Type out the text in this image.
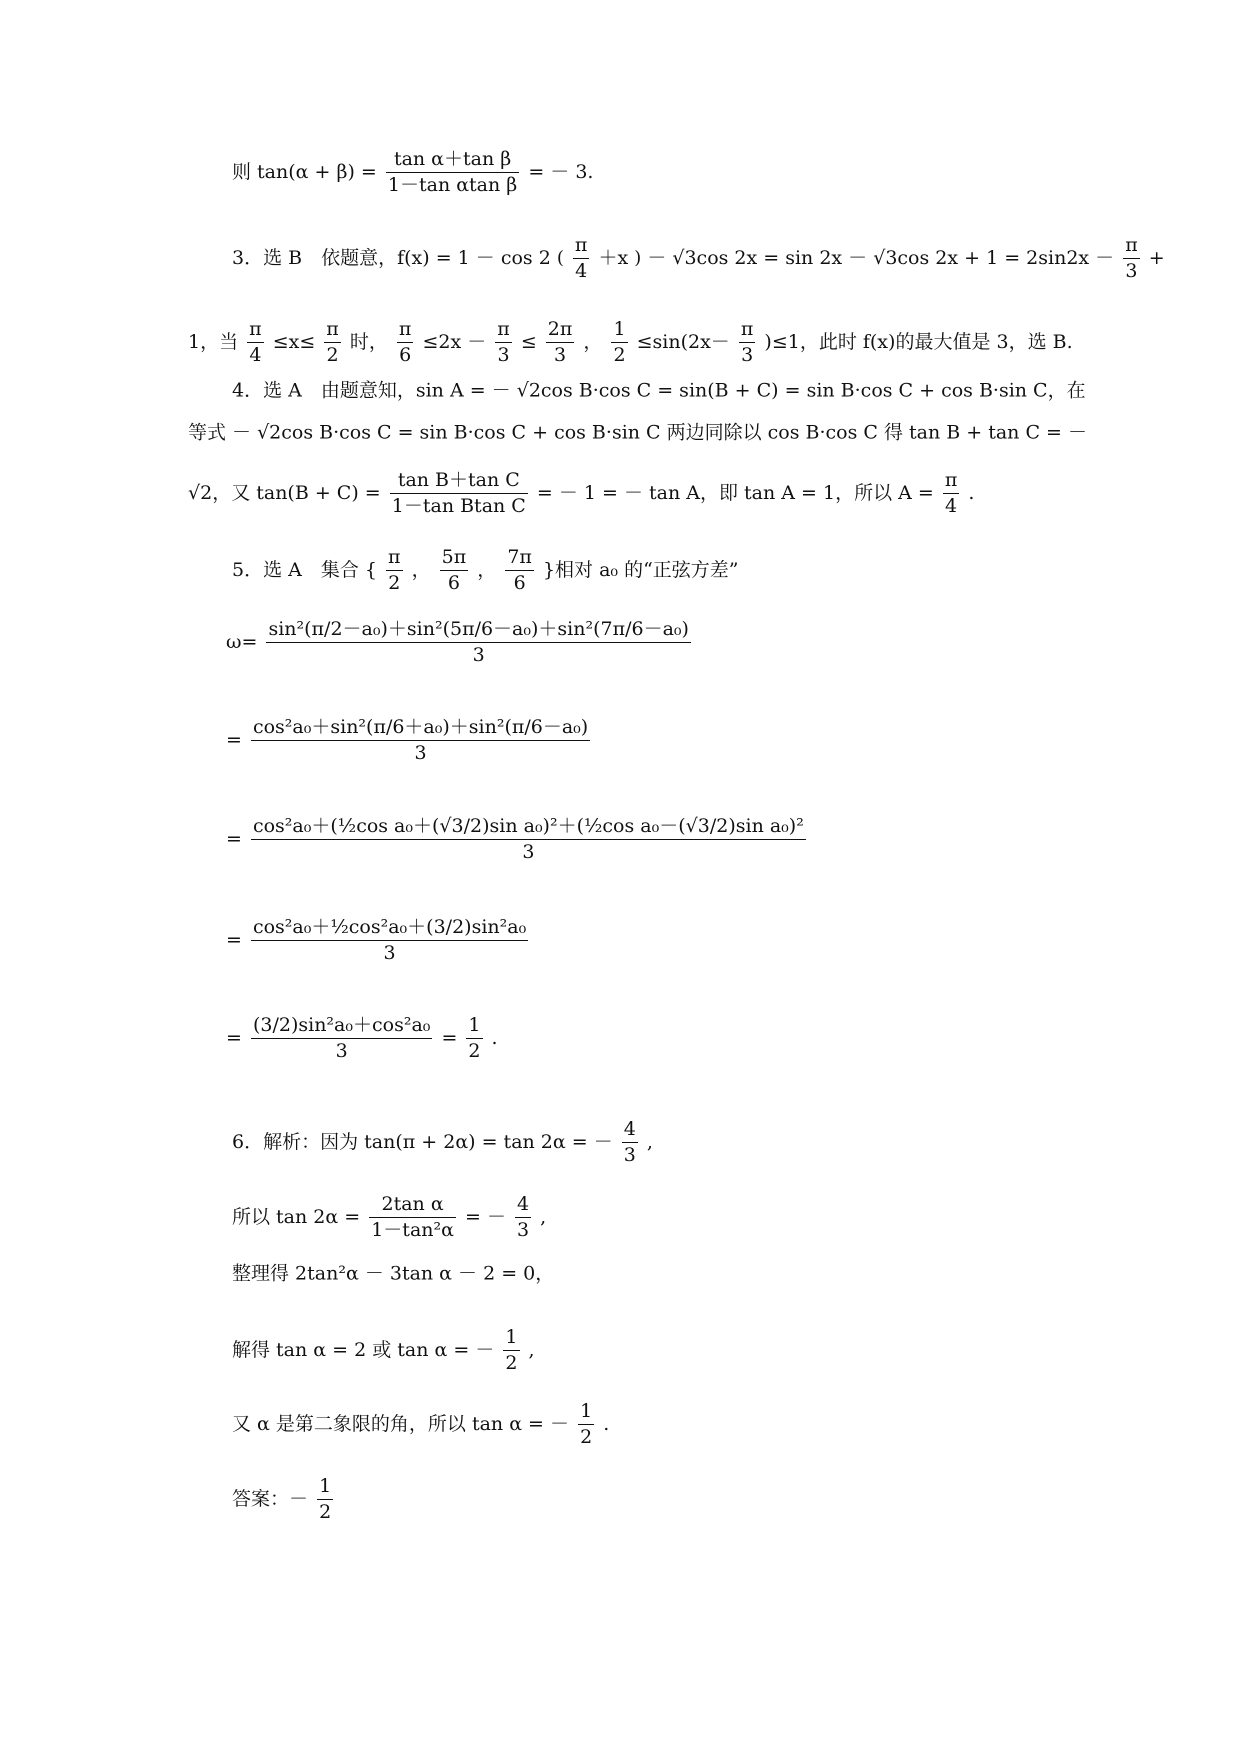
则 $\tan(\alpha + \beta) = \frac{\text{tan α＋tan β}}{\text{1－tan αtan β}}$ = － 3.
3．选 B　依题意，f(x) = 1 － cos 2 ( $\frac{\pi}{4} +x$ ) － √3cos 2x = sin 2x － √3cos $2x + 1 = 2\sin 2x - \frac{\pi}{3}$ +
1，当 $\frac{\pi}{4} \le x\le \frac{\pi}{2}$ 时， $\frac{\pi}{6} \le 2x - \frac{\pi}{3} \le \frac{2\pi}{3}$ ， $\frac{1}{2} \le\sin(2x- \frac{\pi}{3} )\le 1$，此时 f(x)的最大值是 3，选 B.
4．选 A　由题意知，sin A = － √2cos B·cos C = sin(B + C) = sin B·cos C + cos B·sin C，在
等式 － √2cos B·cos C = sin B·cos C + cos B·sin C 两边同除以 cos B·cos C 得 tan B + tan C = －
√2，又 $\tan(B + C) = \frac{\text{tan B＋tan C}}{\text{1－tan Btan C}}$ = － 1 = － tan A，即 tan A = 1，所以 $A = \frac{\pi}{4}$ .
5．选 A　集合 { $\frac{\pi}{2}$ ， $\frac{5\pi}{6}$ ， $\frac{7\pi}{6}$ }相对 a₀ 的“正弦方差”
$\omega= \frac{\text{sin²(π/2－a₀)＋sin²(5π/6－a₀)＋sin²(7π/6－a₀)}}{3}$
= $\frac{\text{cos²a₀＋sin²(π/6＋a₀)＋sin²(π/6－a₀)}}{3}$
= $\frac{\text{cos²a₀＋(½cos a₀＋(√3/2)sin a₀)²＋(½cos a₀－(√3/2)sin a₀)²}}{3}$
= $\frac{\text{cos²a₀＋½cos²a₀＋(3/2)sin²a₀}}{3}$
= $\frac{\text{(3/2)sin²a₀＋cos²a₀}}{3} = \frac{1}{2}$ .
6．解析：因为 tan(π + 2α) = tan 2α = － $\frac{4}{3}$ ,
所以 $\tan 2\alpha = \frac{\text{2tan α}}{\text{1－tan²α}}$ = － $\frac{4}{3}$ ,
整理得 2tan²α － 3tan α － 2 = 0，
解得 tan α = 2 或 tan α = － $\frac{1}{2}$ ,
又 α 是第二象限的角，所以 tan α = － $\frac{1}{2}$ .
答案：－ $\frac{1}{2}$
